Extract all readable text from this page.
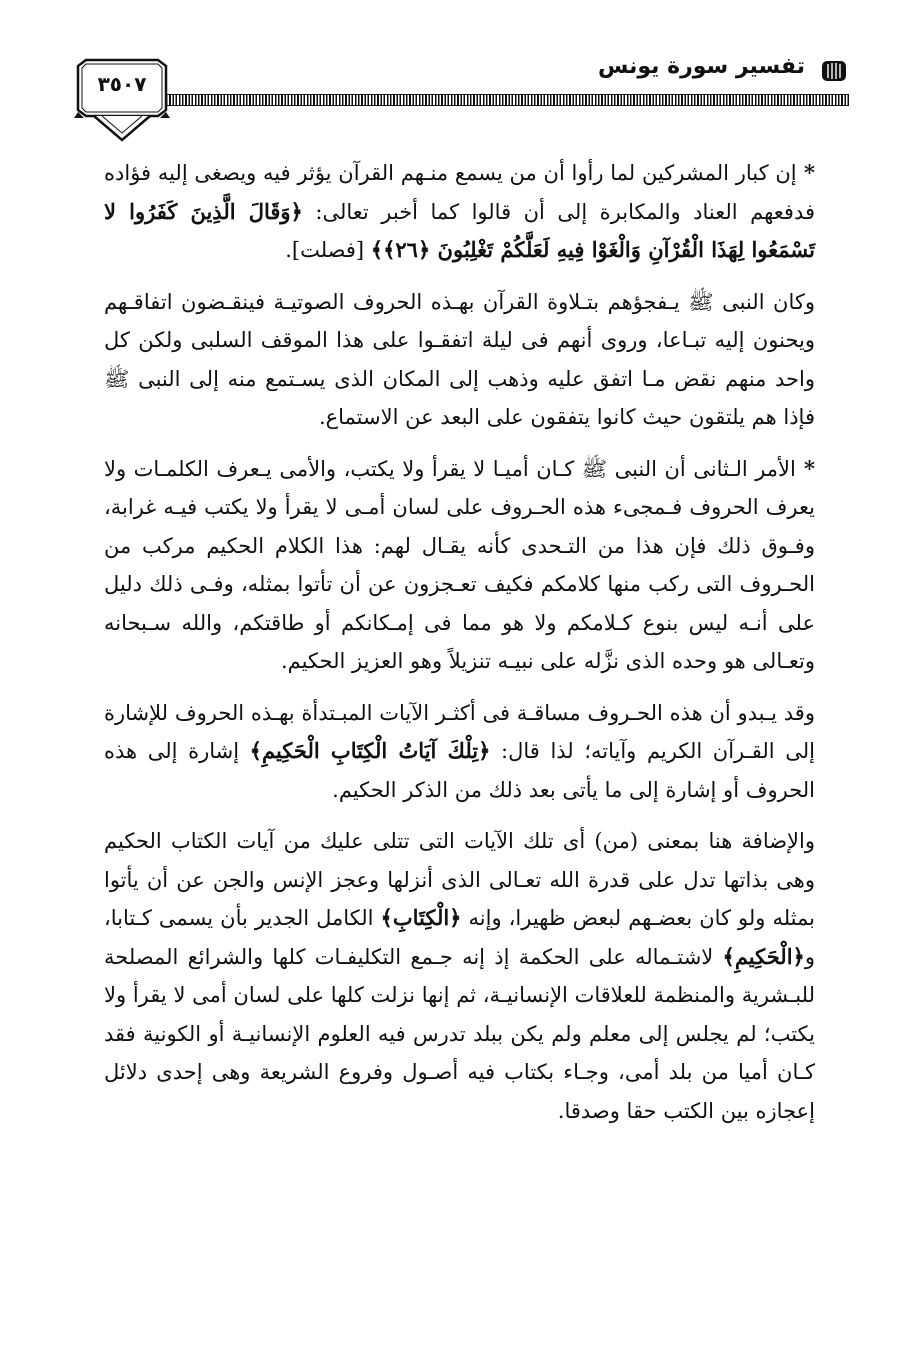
تفسير سورة يونس
٣٥٠٧

* إن كبار المشركين لما رأوا أن من يسمع منـهم القرآن يؤثر فيه ويصغى إليه فؤاده فدفعهم العناد والمكابرة إلى أن قالوا كما أخبر تعالى: ﴿وَقَالَ الَّذِينَ كَفَرُوا لا تَسْمَعُوا لِهَذَا الْقُرْآنِ وَالْغَوْا فِيهِ لَعَلَّكُمْ تَغْلِبُونَ ﴿٢٦﴾﴾ [فصلت].

وكان النبى ﷺ يـفجؤهم بتـلاوة القرآن بهـذه الحروف الصوتيـة فينقـضون اتفاقـهم ويحنون إليه تبـاعا، وروى أنهم فى ليلة اتفقـوا على هذا الموقف السلبى ولكن كل واحد منهم نقض مـا اتفق عليه وذهب إلى المكان الذى يسـتمع منه إلى النبى ﷺ فإذا هم يلتقون حيث كانوا يتفقون على البعد عن الاستماع.

* الأمر الـثانى أن النبى ﷺ كـان أميـا لا يقرأ ولا يكتب، والأمى يـعرف الكلمـات ولا يعرف الحروف فـمجىء هذه الحـروف على لسان أمـى لا يقرأ ولا يكتب فيـه غرابة، وفـوق ذلك فإن هذا من التـحدى كأنه يقـال لهم: هذا الكلام الحكيم مركب من الحـروف التى ركب منها كلامكم فكيف تعـجزون عن أن تأتوا بمثله، وفـى ذلك دليل على أنـه ليس بنوع كـلامكم ولا هو مما فى إمـكانكم أو طاقتكم، والله سـبحانه وتعـالى هو وحده الذى نزَّله على نبيـه تنزيلاً وهو العزيز الحكيم.

وقد يـبدو أن هذه الحـروف مساقـة فى أكثـر الآيات المبـتدأة بهـذه الحروف للإشارة إلى القـرآن الكريم وآياته؛ لذا قال: ﴿تِلْكَ آيَاتُ الْكِتَابِ الْحَكِيمِ﴾ إشارة إلى هذه الحروف أو إشارة إلى ما يأتى بعد ذلك من الذكر الحكيم.

والإضافة هنا بمعنى (من) أى تلك الآيات التى تتلى عليك من آيات الكتاب الحكيم وهى بذاتها تدل على قدرة الله تعـالى الذى أنزلها وعجز الإنس والجن عن أن يأتوا بمثله ولو كان بعضـهم لبعض ظهيرا، وإنه ﴿الْكِتَابِ﴾ الكامل الجدير بأن يسمى كـتابا، و﴿الْحَكِيمِ﴾ لاشتـماله على الحكمة إذ إنه جـمع التكليفـات كلها والشرائع المصلحة للبـشرية والمنظمة للعلاقات الإنسانيـة، ثم إنها نزلت كلها على لسان أمى لا يقرأ ولا يكتب؛ لم يجلس إلى معلم ولم يكن ببلد تدرس فيه العلوم الإنسانيـة أو الكونية فقد كـان أميا من بلد أمى، وجـاء بكتاب فيه أصـول وفروع الشريعة وهى إحدى دلائل إعجازه بين الكتب حقا وصدقا.
